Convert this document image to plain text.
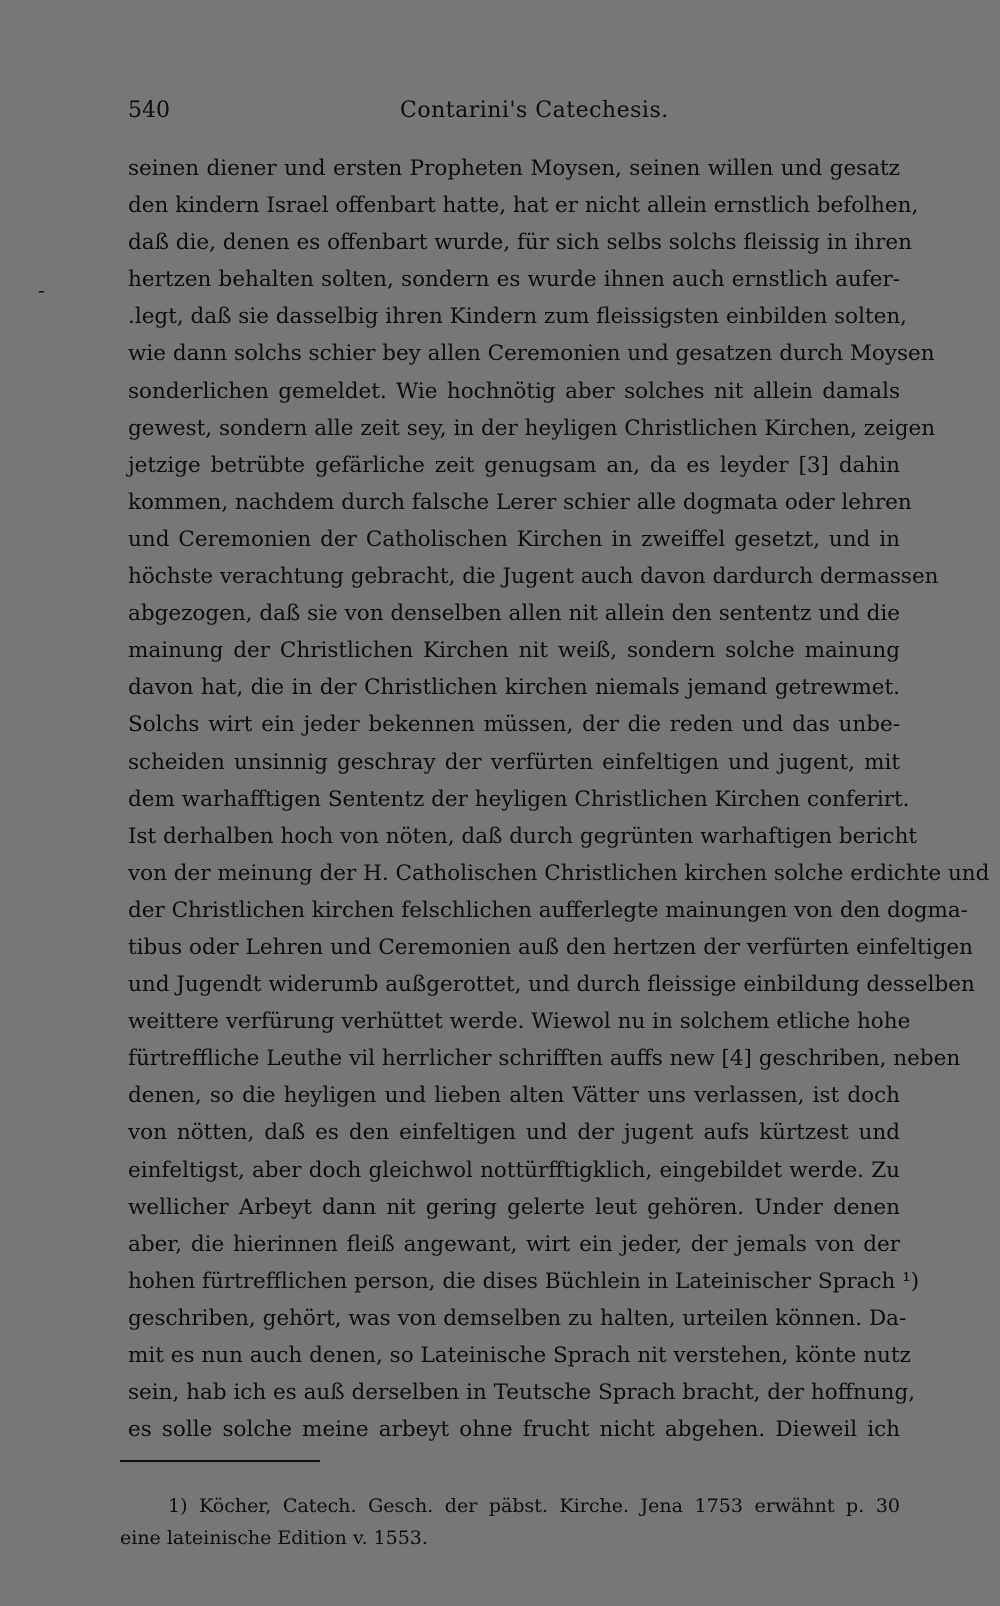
540	Contarini's Catechesis.
-
seinen diener und ersten Propheten Moysen, seinen willen und gesatz
den kindern Israel offenbart hatte, hat er nicht allein ernstlich befolhen,
daß die, denen es offenbart wurde, für sich selbs solchs fleissig in ihren
hertzen behalten solten, sondern es wurde ihnen auch ernstlich aufer-
.legt, daß sie dasselbig ihren Kindern zum fleissigsten einbilden solten,
wie dann solchs schier bey allen Ceremonien und gesatzen durch Moysen
sonderlichen gemeldet. Wie hochnötig aber solches nit allein damals
gewest, sondern alle zeit sey, in der heyligen Christlichen Kirchen, zeigen
jetzige betrübte gefärliche zeit genugsam an, da es leyder [3] dahin
kommen, nachdem durch falsche Lerer schier alle dogmata oder lehren
und Ceremonien der Catholischen Kirchen in zweiffel gesetzt, und in
höchste verachtung gebracht, die Jugent auch davon dardurch dermassen
abgezogen, daß sie von denselben allen nit allein den sententz und die
mainung der Christlichen Kirchen nit weiß, sondern solche mainung
davon hat, die in der Christlichen kirchen niemals jemand getrewmet.
Solchs wirt ein jeder bekennen müssen, der die reden und das unbe-
scheiden unsinnig geschray der verfürten einfeltigen und jugent, mit
dem warhafftigen Sententz der heyligen Christlichen Kirchen conferirt.
Ist derhalben hoch von nöten, daß durch gegrünten warhaftigen bericht
von der meinung der H. Catholischen Christlichen kirchen solche erdichte und
der Christlichen kirchen felschlichen aufferlegte mainungen von den dogma-
tibus oder Lehren und Ceremonien auß den hertzen der verfürten einfeltigen
und Jugendt widerumb außgerottet, und durch fleissige einbildung desselben
weittere verfürung verhüttet werde. Wiewol nu in solchem etliche hohe
fürtreffliche Leuthe vil herrlicher schrifften auffs new [4] geschriben, neben
denen, so die heyligen und lieben alten Vätter uns verlassen, ist doch
von nötten, daß es den einfeltigen und der jugent aufs kürtzest und
einfeltigst, aber doch gleichwol nottürfftigklich, eingebildet werde. Zu
wellicher Arbeyt dann nit gering gelerte leut gehören. Under denen
aber, die hierinnen fleiß angewant, wirt ein jeder, der jemals von der
hohen fürtrefflichen person, die dises Büchlein in Lateinischer Sprach ¹)
geschriben, gehört, was von demselben zu halten, urteilen können. Da-
mit es nun auch denen, so Lateinische Sprach nit verstehen, könte nutz
sein, hab ich es auß derselben in Teutsche Sprach bracht, der hoffnung,
es solle solche meine arbeyt ohne frucht nicht abgehen. Dieweil ich
1) Köcher, Catech. Gesch. der päbst. Kirche. Jena 1753 erwähnt p. 30
eine lateinische Edition v. 1553.
